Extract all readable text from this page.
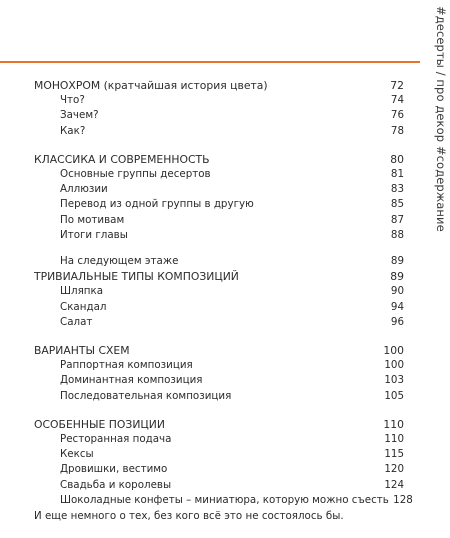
#десерты / про декор #содержание
МОНОХРОМ (кратчайшая история цвета)	72
Что?	74
Зачем?	76
Как?	78
КЛАССИКА И СОВРЕМЕННОСТЬ	80
Основные группы десертов	81
Аллюзии	83
Перевод из одной группы в другую	85
По мотивам	87
Итоги главы	88
На следующем этаже	89
ТРИВИАЛЬНЫЕ ТИПЫ КОМПОЗИЦИЙ	89
Шляпка	90
Скандал	94
Салат	96
ВАРИАНТЫ СХЕМ	100
Раппортная композиция	100
Доминантная композиция	103
Последовательная композиция	105
ОСОБЕННЫЕ ПОЗИЦИИ	110
Ресторанная подача	110
Кексы	115
Дровишки, вестимо	120
Свадьба и королевы	124
Шоколадные конфеты – миниатюра, которую можно съесть 128
И еще немного о тех, без кого всё это не состоялось бы.
